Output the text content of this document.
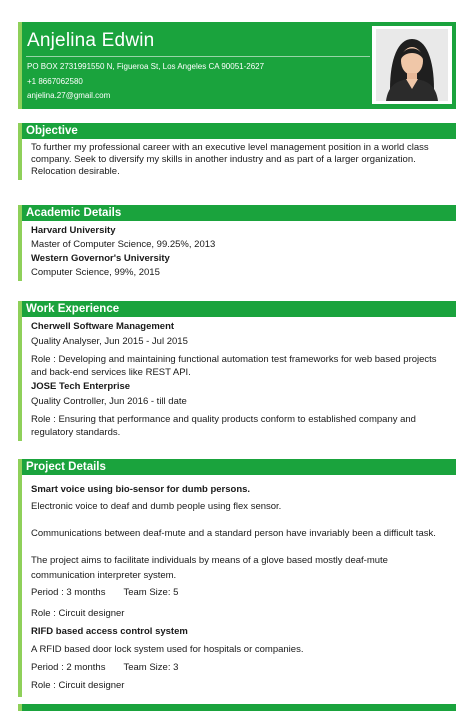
Anjelina Edwin
PO BOX 2731991550 N, Figueroa St, Los Angeles CA 90051-2627
+1 8667062580
anjelina.27@gmail.com
Objective

To further my professional career with an executive level management position in a world class

company. Seek to diversify my skills in another industry and as part of a larger organization.

Relocation desirable.

Academic Details

Harvard University

Master of Computer Science, 99.25%, 2013

Western Governor's University

Computer Science, 99%, 2015

Work Experience

Cherwell Software Management

Quality Analyser, Jun 2015 - Jul 2015

Role : Developing and maintaining functional automation test frameworks for web based projects

and back-end services like REST API.

JOSE Tech Enterprise

Quality Controller, Jun 2016 - till date

Role : Ensuring that performance and quality products conform to established company and

regulatory standards.

Project Details

Smart voice using bio-sensor for dumb persons.

Electronic voice to deaf and dumb people using flex sensor.

Communications between deaf-mute and a standard person have invariably been a difficult task.

The project aims to facilitate individuals by means of a glove based mostly deaf-mute

communication interpreter system.

Period : 3 months Team Size: 5

Role : Circuit designer

RIFD based access control system

A RFID based door lock system used for hospitals or companies.

Period : 2 months Team Size: 3

Role : Circuit designer
